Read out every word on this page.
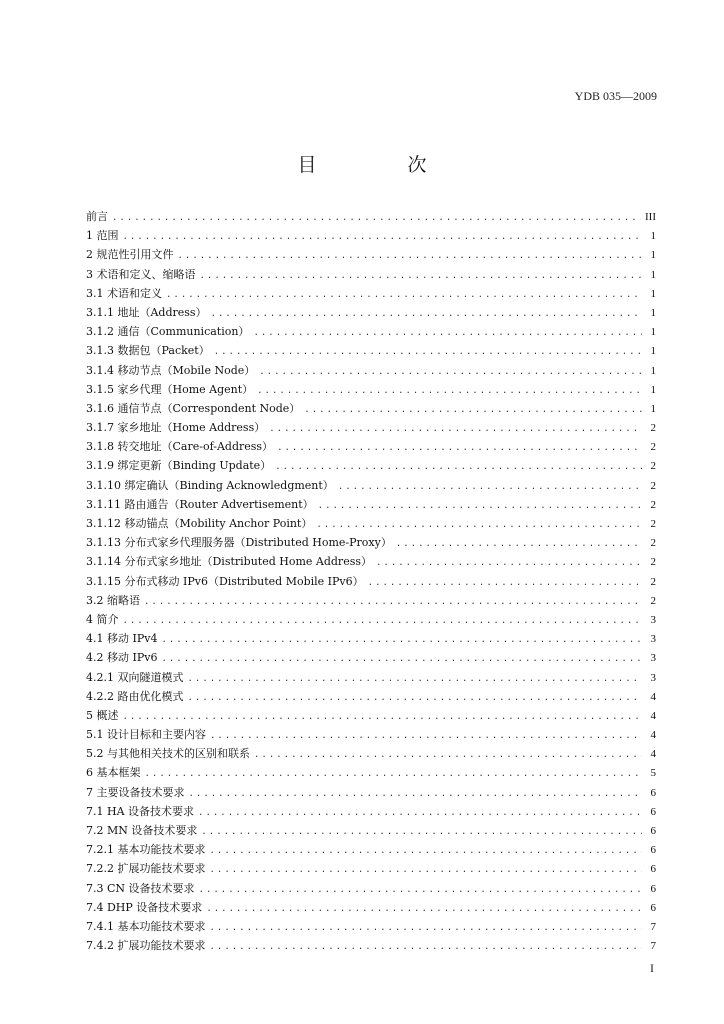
YDB 035—2009
目　次
前言 .....	III
1 范围 .....	1
2 规范性引用文件 .....	1
3 术语和定义、缩略语 .....	1
3.1 术语和定义 .....	1
3.1.1 地址（Address） .....	1
3.1.2 通信（Communication） .....	1
3.1.3 数据包（Packet） .....	1
3.1.4 移动节点（Mobile Node） .....	1
3.1.5 家乡代理（Home Agent） .....	1
3.1.6 通信节点（Correspondent Node） .....	1
3.1.7 家乡地址（Home Address） .....	2
3.1.8 转交地址（Care-of-Address） .....	2
3.1.9 绑定更新（Binding Update） .....	2
3.1.10 绑定确认（Binding Acknowledgment） .....	2
3.1.11 路由通告（Router Advertisement） .....	2
3.1.12 移动锚点（Mobility Anchor Point） .....	2
3.1.13 分布式家乡代理服务器（Distributed Home-Proxy） .....	2
3.1.14 分布式家乡地址（Distributed Home Address） .....	2
3.1.15 分布式移动 IPv6（Distributed Mobile IPv6） .....	2
3.2 缩略语 .....	2
4 简介 .....	3
4.1 移动 IPv4 .....	3
4.2 移动 IPv6 .....	3
4.2.1 双向隧道模式 .....	3
4.2.2 路由优化模式 .....	4
5 概述 .....	4
5.1 设计目标和主要内容 .....	4
5.2 与其他相关技术的区别和联系 .....	4
6 基本框架 .....	5
7 主要设备技术要求 .....	6
7.1 HA 设备技术要求 .....	6
7.2 MN 设备技术要求 .....	6
7.2.1 基本功能技术要求 .....	6
7.2.2 扩展功能技术要求 .....	6
7.3 CN 设备技术要求 .....	6
7.4 DHP 设备技术要求 .....	6
7.4.1 基本功能技术要求 .....	7
7.4.2 扩展功能技术要求 .....	7
I
